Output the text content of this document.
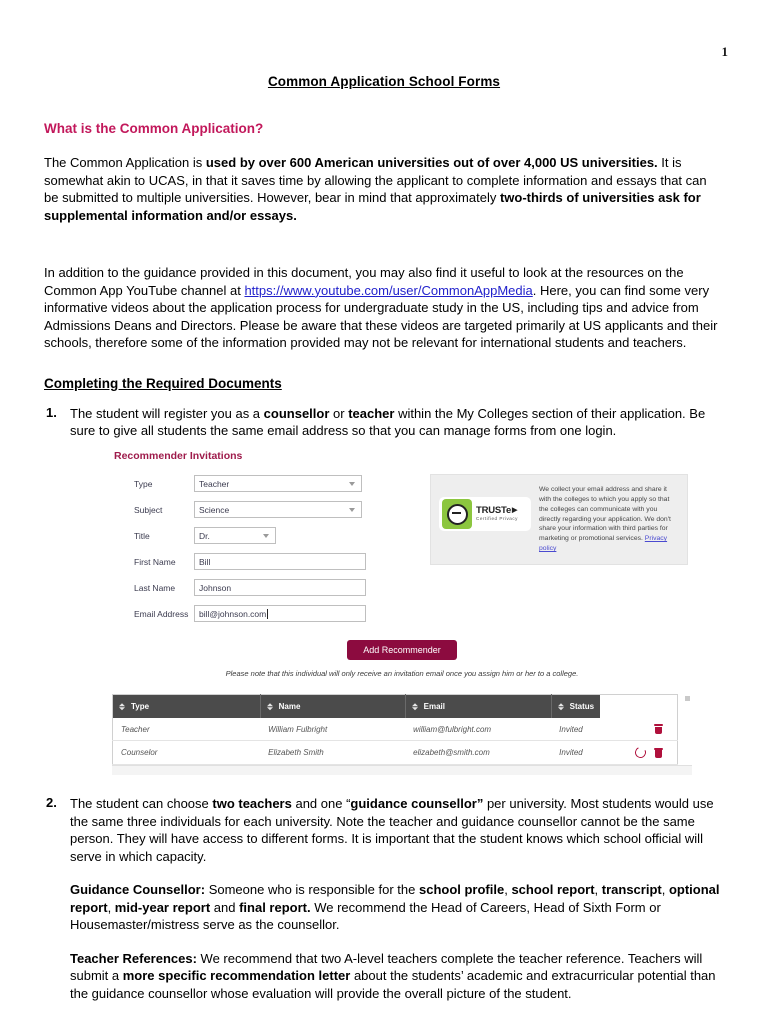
1
Common Application School Forms
What is the Common Application?

The Common Application is used by over 600 American universities out of over 4,000 US universities. It is somewhat akin to UCAS, in that it saves time by allowing the applicant to complete information and essays that can be submitted to multiple universities. However, bear in mind that approximately two-thirds of universities ask for supplemental information and/or essays.

In addition to the guidance provided in this document, you may also find it useful to look at the resources on the Common App YouTube channel at https://www.youtube.com/user/CommonAppMedia. Here, you can find some very informative videos about the application process for undergraduate study in the US, including tips and advice from Admissions Deans and Directors. Please be aware that these videos are targeted primarily at US applicants and their schools, therefore some of the information provided may not be relevant for international students and teachers.

Completing the Required Documents
1.	The student will register you as a counsellor or teacher within the My Colleges section of their application. Be sure to give all students the same email address so that you can manage forms from one login.
Recommender Invitations
Type	Teacher
Subject	Science
Title	Dr.
First Name	Bill
Last Name	Johnson
Email Address	bill@johnson.com
TRUSTe▶
Certified Privacy
We collect your email address and share it with the colleges to which you apply so that the colleges can communicate with you directly regarding your application. We don't share your information with third parties for marketing or promotional services. Privacy policy
Add Recommender
Please note that this individual will only receive an invitation email once you assign him or her to a college.
Type	Name	Email	Status	
Teacher	William Fulbright	william@fulbright.com	Invited	

Counselor	Elizabeth Smith	elizabeth@smith.com	Invited	
2.	The student can choose two teachers and one “guidance counsellor” per university. Most students would use the same three individuals for each university. Note the teacher and guidance counsellor cannot be the same person. They will have access to different forms. It is important that the student knows which school official will serve in which capacity.

Guidance Counsellor: Someone who is responsible for the school profile, school report, transcript, optional report, mid-year report and final report. We recommend the Head of Careers, Head of Sixth Form or Housemaster/mistress serve as the counsellor.

Teacher References: We recommend that two A-level teachers complete the teacher reference. Teachers will submit a more specific recommendation letter about the students’ academic and extracurricular potential than the guidance counsellor whose evaluation will provide the overall picture of the student.
